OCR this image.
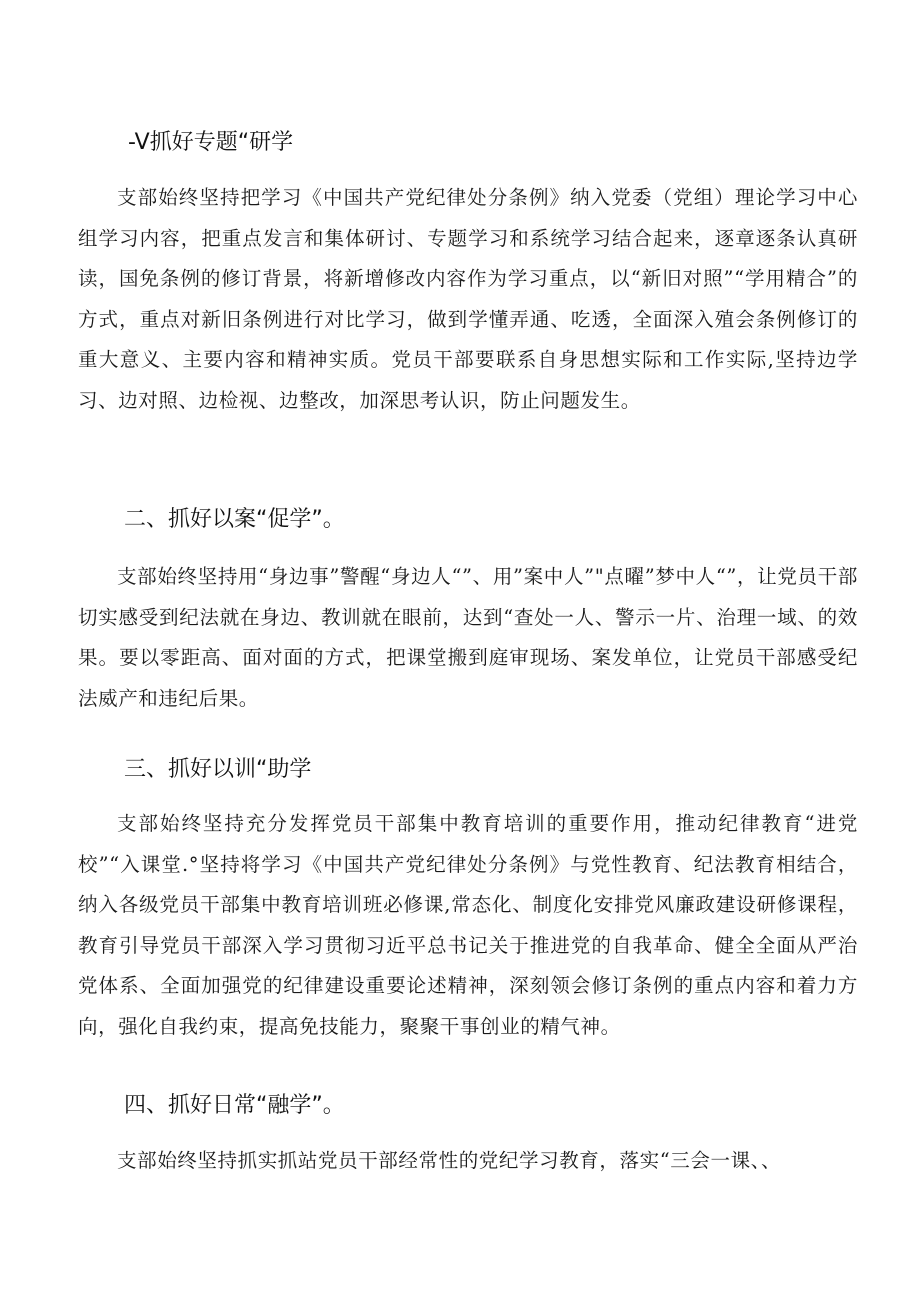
-V抓好专题“研学

支部始终坚持把学习《中国共产党纪律处分条例》纳入党委（党组）理论学习中心组学习内容，把重点发言和集体研讨、专题学习和系统学习结合起来，逐章逐条认真研读，国免条例的修订背景，将新增修改内容作为学习重点，以“新旧对照”“学用精合”的方式，重点对新旧条例进行对比学习，做到学懂弄通、吃透，全面深入殖会条例修订的重大意义、主要内容和精神实质。党员干部要联系自身思想实际和工作实际,坚持边学习、边对照、边检视、边整改，加深思考认识，防止问题发生。

二、抓好以案“促学”。

支部始终坚持用“身边事”警醒“身边人“”、用”案中人”"点曜”梦中人“”，让党员干部切实感受到纪法就在身边、教训就在眼前，达到“查处一人、警示一片、治理一域、的效果。要以零距高、面对面的方式，把课堂搬到庭审现场、案发单位，让党员干部感受纪法威产和违纪后果。

三、抓好以训“助学

支部始终坚持充分发挥党员干部集中教育培训的重要作用，推动纪律教育“进党校”“入课堂.°坚持将学习《中国共产党纪律处分条例》与党性教育、纪法教育相结合，纳入各级党员干部集中教育培训班必修课,常态化、制度化安排党风廉政建设研修课程，教育引导党员干部深入学习贯彻习近平总书记关于推进党的自我革命、健全全面从严治党体系、全面加强党的纪律建设重要论述精神，深刻领会修订条例的重点内容和着力方向，强化自我约束，提高免技能力，聚聚干事创业的精气神。

四、抓好日常“融学”。

支部始终坚持抓实抓站党员干部经常性的党纪学习教育，落实“三会一课、、
